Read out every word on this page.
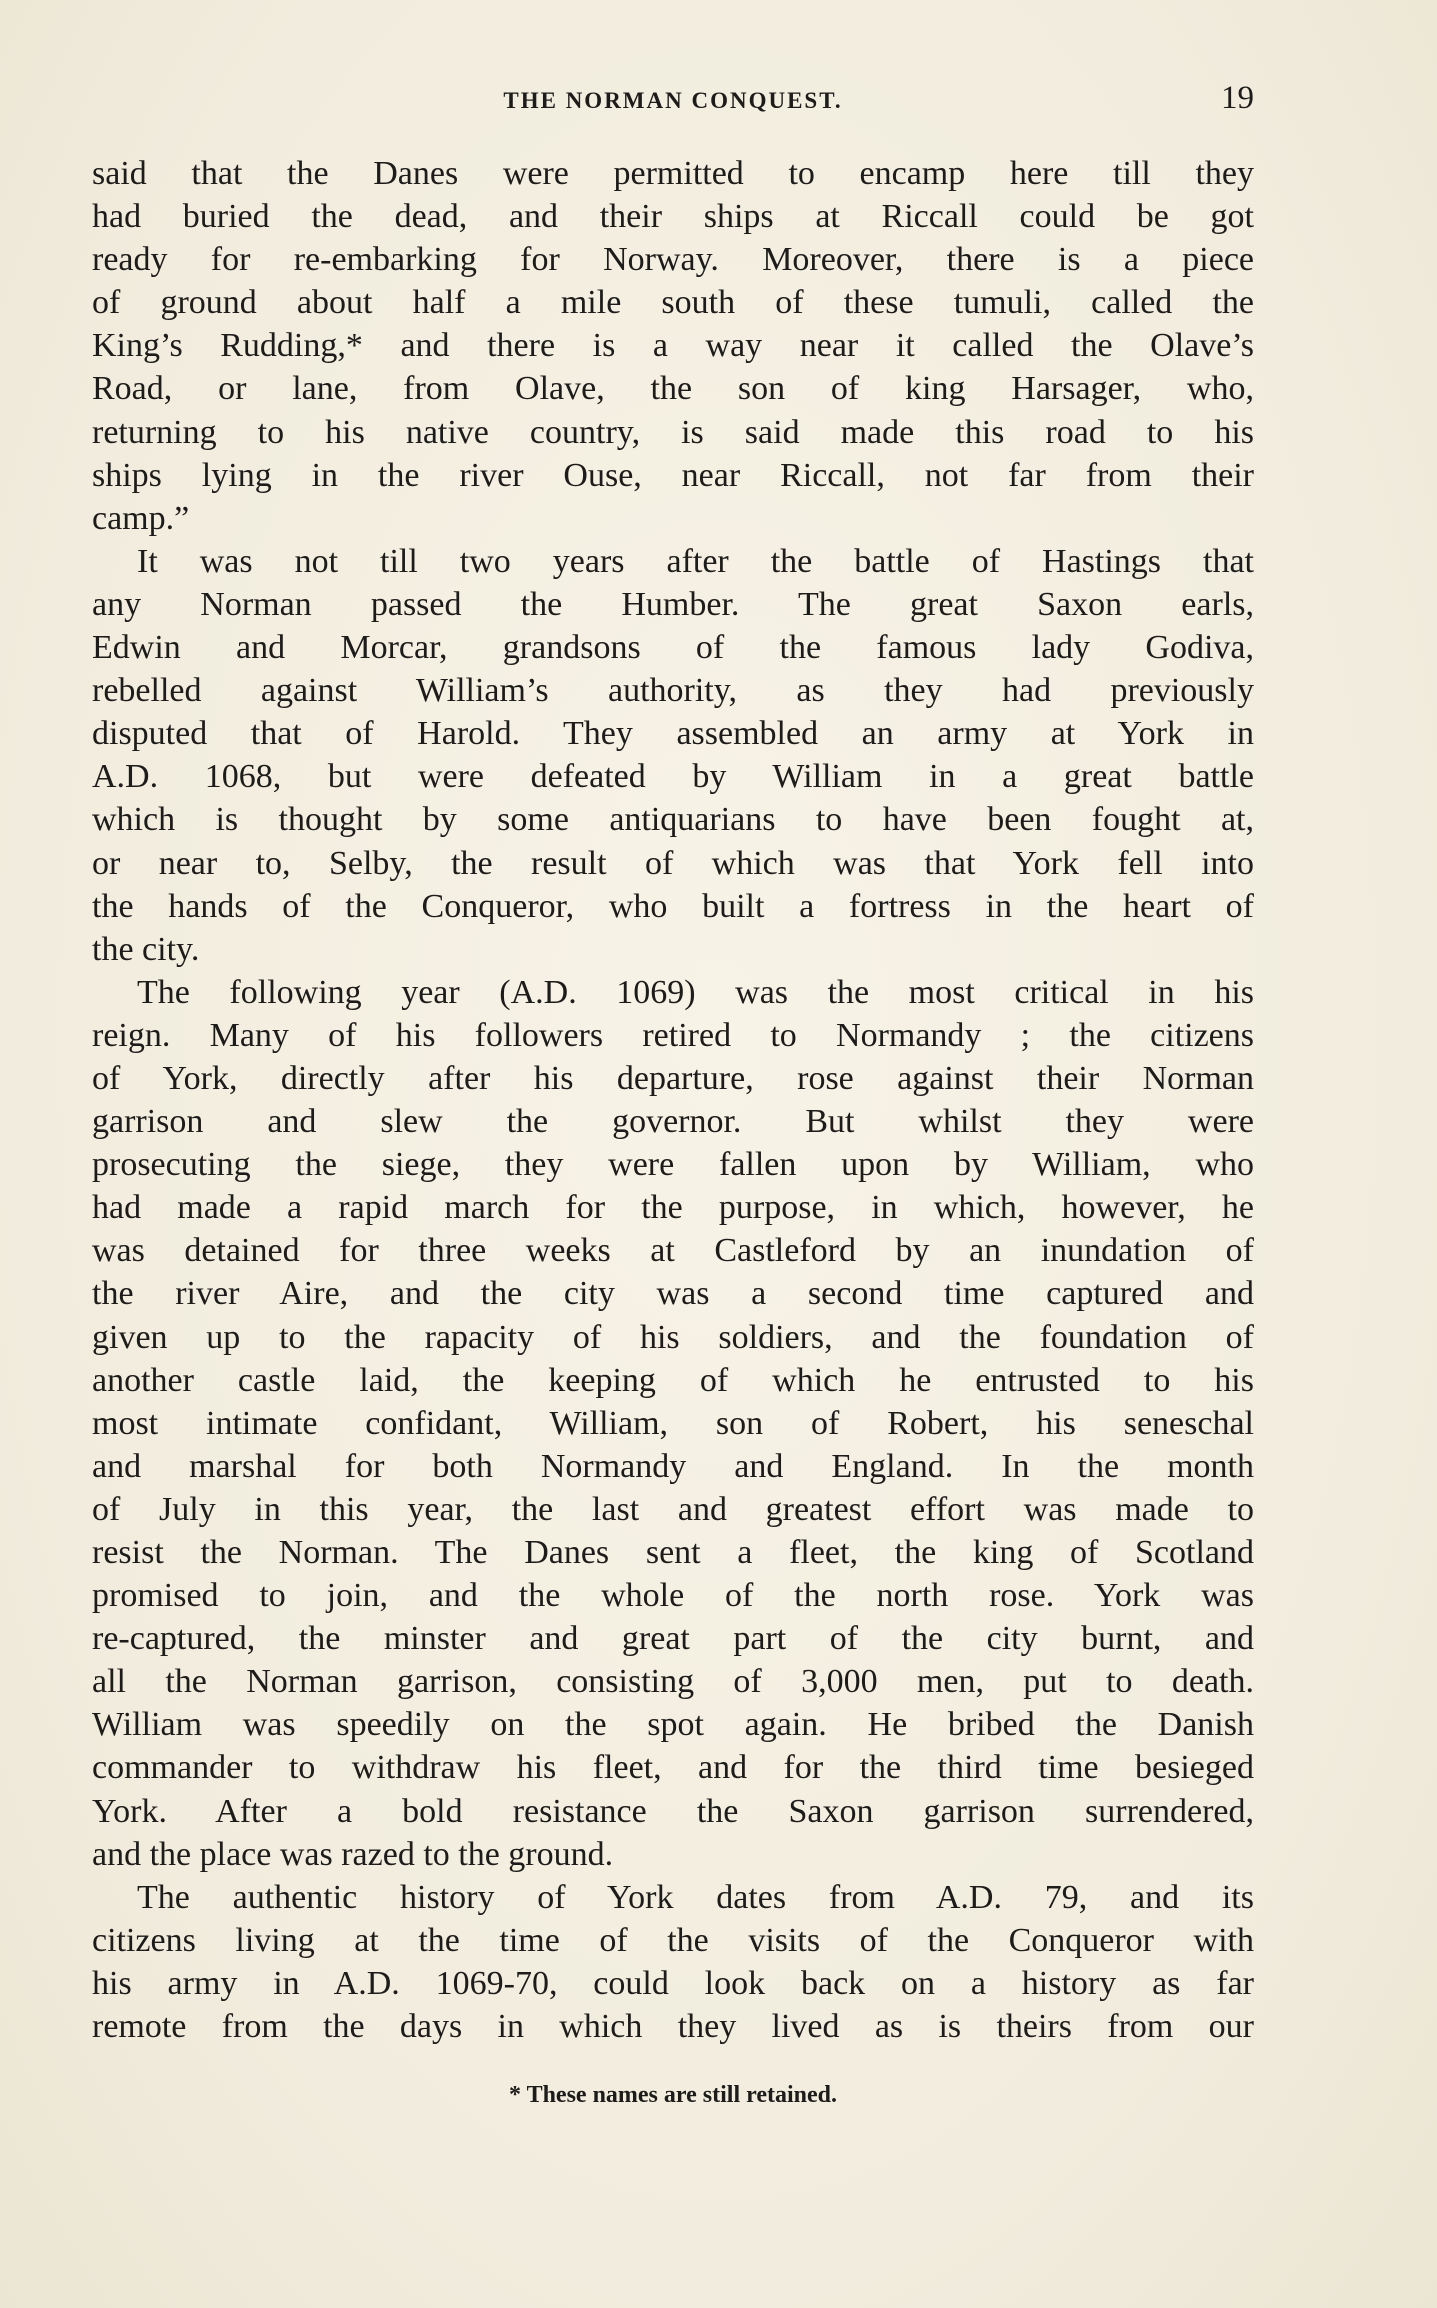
THE NORMAN CONQUEST.	19
said that the Danes were permitted to encamp here till they
had buried the dead, and their ships at Riccall could be got
ready for re-embarking for Norway. Moreover, there is a piece
of ground about half a mile south of these tumuli, called the
King’s Rudding,* and there is a way near it called the Olave’s
Road, or lane, from Olave, the son of king Harsager, who,
returning to his native country, is said made this road to his
ships lying in the river Ouse, near Riccall, not far from their
camp.”
It was not till two years after the battle of Hastings that
any Norman passed the Humber. The great Saxon earls,
Edwin and Morcar, grandsons of the famous lady Godiva,
rebelled against William’s authority, as they had previously
disputed that of Harold. They assembled an army at York in
A.D. 1068, but were defeated by William in a great battle
which is thought by some antiquarians to have been fought at,
or near to, Selby, the result of which was that York fell into
the hands of the Conqueror, who built a fortress in the heart of
the city.
The following year (A.D. 1069) was the most critical in his
reign. Many of his followers retired to Normandy ; the citizens
of York, directly after his departure, rose against their Norman
garrison and slew the governor. But whilst they were
prosecuting the siege, they were fallen upon by William, who
had made a rapid march for the purpose, in which, however, he
was detained for three weeks at Castleford by an inundation of
the river Aire, and the city was a second time captured and
given up to the rapacity of his soldiers, and the foundation of
another castle laid, the keeping of which he entrusted to his
most intimate confidant, William, son of Robert, his seneschal
and marshal for both Normandy and England. In the month
of July in this year, the last and greatest effort was made to
resist the Norman. The Danes sent a fleet, the king of Scotland
promised to join, and the whole of the north rose. York was
re-captured, the minster and great part of the city burnt, and
all the Norman garrison, consisting of 3,000 men, put to death.
William was speedily on the spot again. He bribed the Danish
commander to withdraw his fleet, and for the third time besieged
York. After a bold resistance the Saxon garrison surrendered,
and the place was razed to the ground.
The authentic history of York dates from A.D. 79, and its
citizens living at the time of the visits of the Conqueror with
his army in A.D. 1069-70, could look back on a history as far
remote from the days in which they lived as is theirs from our
* These names are still retained.
